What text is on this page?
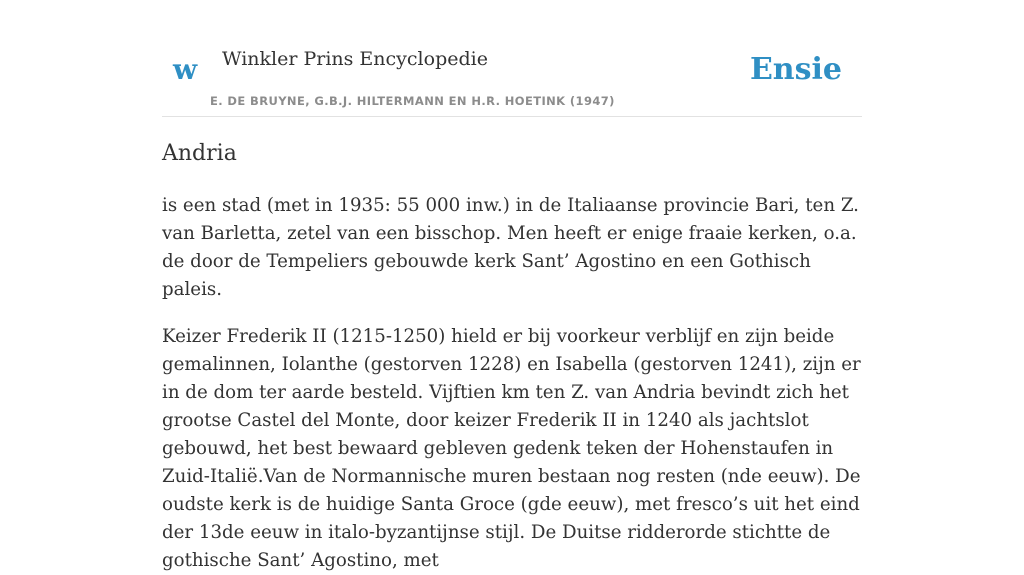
w Winkler Prins Encyclopedie
E. DE BRUYNE, G.B.J. HILTERMANN EN H.R. HOETINK (1947)
Ensie
Andria

is een stad (met in 1935: 55 000 inw.) in de Italiaanse provincie Bari, ten Z. van Barletta, zetel van een bisschop. Men heeft er enige fraaie kerken, o.a. de door de Tempeliers gebouwde kerk Sant’ Agostino en een Gothisch paleis.

Keizer Frederik II (1215-1250) hield er bij voorkeur verblijf en zijn beide gemalinnen, Iolanthe (gestorven 1228) en Isabella (gestorven 1241), zijn er in de dom ter aarde besteld. Vijftien km ten Z. van Andria bevindt zich het grootse Castel del Monte, door keizer Frederik II in 1240 als jachtslot gebouwd, het best bewaard gebleven gedenk teken der Hohenstaufen in Zuid-Italië.Van de Normannische muren bestaan nog resten (nde eeuw). De oudste kerk is de huidige Santa Groce (gde eeuw), met fresco’s uit het eind der 13de eeuw in italo-byzantijnse stijl. De Duitse ridderorde stichtte de gothische Sant’ Agostino, met
